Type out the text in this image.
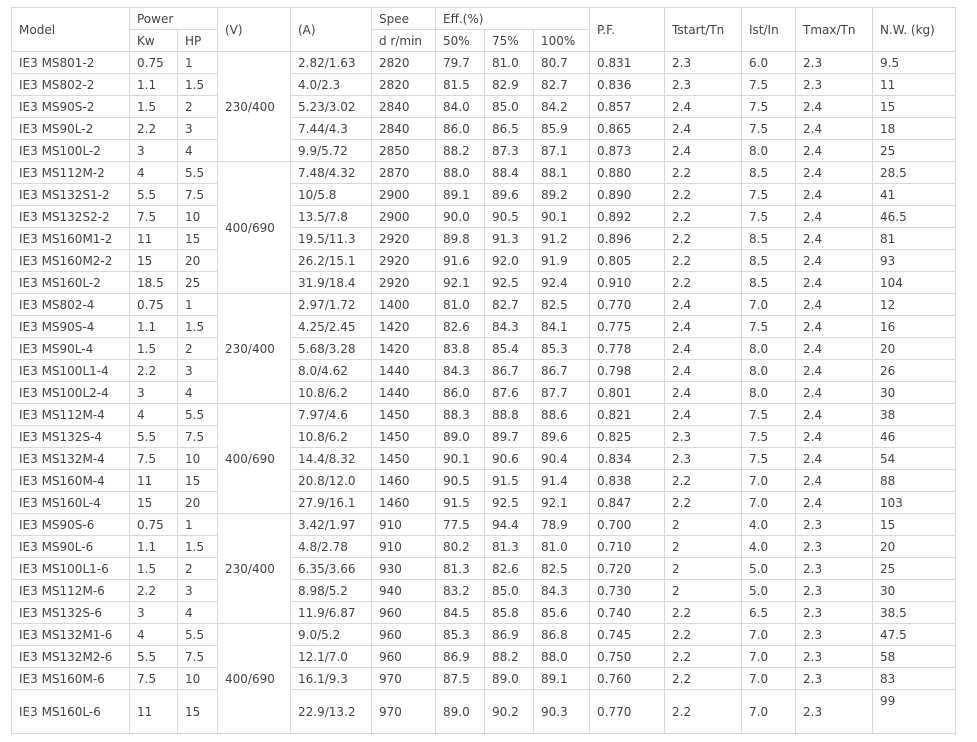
Model	Power		(V)	(A)	Spee	Eff.(%)			P.F.	Tstart/Tn	Ist/In	Tmax/Tn	N.W. (kg)
	Kw	HP			d r/min	50%	75%	100%					
IE3 MS801-2	0.75	1	230/400	2.82/1.63	2820	79.7	81.0	80.7	0.831	2.3	6.0	2.3	9.5
IE3 MS802-2	1.1	1.5		4.0/2.3	2820	81.5	82.9	82.7	0.836	2.3	7.5	2.3	11
IE3 MS90S-2	1.5	2		5.23/3.02	2840	84.0	85.0	84.2	0.857	2.4	7.5	2.4	15
IE3 MS90L-2	2.2	3		7.44/4.3	2840	86.0	86.5	85.9	0.865	2.4	7.5	2.4	18
IE3 MS100L-2	3	4		9.9/5.72	2850	88.2	87.3	87.1	0.873	2.4	8.0	2.4	25
IE3 MS112M-2	4	5.5	400/690	7.48/4.32	2870	88.0	88.4	88.1	0.880	2.2	8.5	2.4	28.5
IE3 MS132S1-2	5.5	7.5		10/5.8	2900	89.1	89.6	89.2	0.890	2.2	7.5	2.4	41
IE3 MS132S2-2	7.5	10		13.5/7.8	2900	90.0	90.5	90.1	0.892	2.2	7.5	2.4	46.5
IE3 MS160M1-2	11	15		19.5/11.3	2920	89.8	91.3	91.2	0.896	2.2	8.5	2.4	81
IE3 MS160M2-2	15	20		26.2/15.1	2920	91.6	92.0	91.9	0.805	2.2	8.5	2.4	93
IE3 MS160L-2	18.5	25		31.9/18.4	2920	92.1	92.5	92.4	0.910	2.2	8.5	2.4	104
IE3 MS802-4	0.75	1	230/400	2.97/1.72	1400	81.0	82.7	82.5	0.770	2.4	7.0	2.4	12
IE3 MS90S-4	1.1	1.5		4.25/2.45	1420	82.6	84.3	84.1	0.775	2.4	7.5	2.4	16
IE3 MS90L-4	1.5	2		5.68/3.28	1420	83.8	85.4	85.3	0.778	2.4	8.0	2.4	20
IE3 MS100L1-4	2.2	3		8.0/4.62	1440	84.3	86.7	86.7	0.798	2.4	8.0	2.4	26
IE3 MS100L2-4	3	4		10.8/6.2	1440	86.0	87.6	87.7	0.801	2.4	8.0	2.4	30
IE3 MS112M-4	4	5.5	400/690	7.97/4.6	1450	88.3	88.8	88.6	0.821	2.4	7.5	2.4	38
IE3 MS132S-4	5.5	7.5		10.8/6.2	1450	89.0	89.7	89.6	0.825	2.3	7.5	2.4	46
IE3 MS132M-4	7.5	10		14.4/8.32	1450	90.1	90.6	90.4	0.834	2.3	7.5	2.4	54
IE3 MS160M-4	11	15		20.8/12.0	1460	90.5	91.5	91.4	0.838	2.2	7.0	2.4	88
IE3 MS160L-4	15	20		27.9/16.1	1460	91.5	92.5	92.1	0.847	2.2	7.0	2.4	103
IE3 MS90S-6	0.75	1	230/400	3.42/1.97	910	77.5	94.4	78.9	0.700	2	4.0	2.3	15
IE3 MS90L-6	1.1	1.5		4.8/2.78	910	80.2	81.3	81.0	0.710	2	4.0	2.3	20
IE3 MS100L1-6	1.5	2		6.35/3.66	930	81.3	82.6	82.5	0.720	2	5.0	2.3	25
IE3 MS112M-6	2.2	3		8.98/5.2	940	83.2	85.0	84.3	0.730	2	5.0	2.3	30
IE3 MS132S-6	3	4		11.9/6.87	960	84.5	85.8	85.6	0.740	2.2	6.5	2.3	38.5
IE3 MS132M1-6	4	5.5	400/690	9.0/5.2	960	85.3	86.9	86.8	0.745	2.2	7.0	2.3	47.5
IE3 MS132M2-6	5.5	7.5		12.1/7.0	960	86.9	88.2	88.0	0.750	2.2	7.0	2.3	58
IE3 MS160M-6	7.5	10		16.1/9.3	970	87.5	89.0	89.1	0.760	2.2	7.0	2.3	83
IE3 MS160L-6	11	15		22.9/13.2	970	89.0	90.2	90.3	0.770	2.2	7.0	2.3	99
